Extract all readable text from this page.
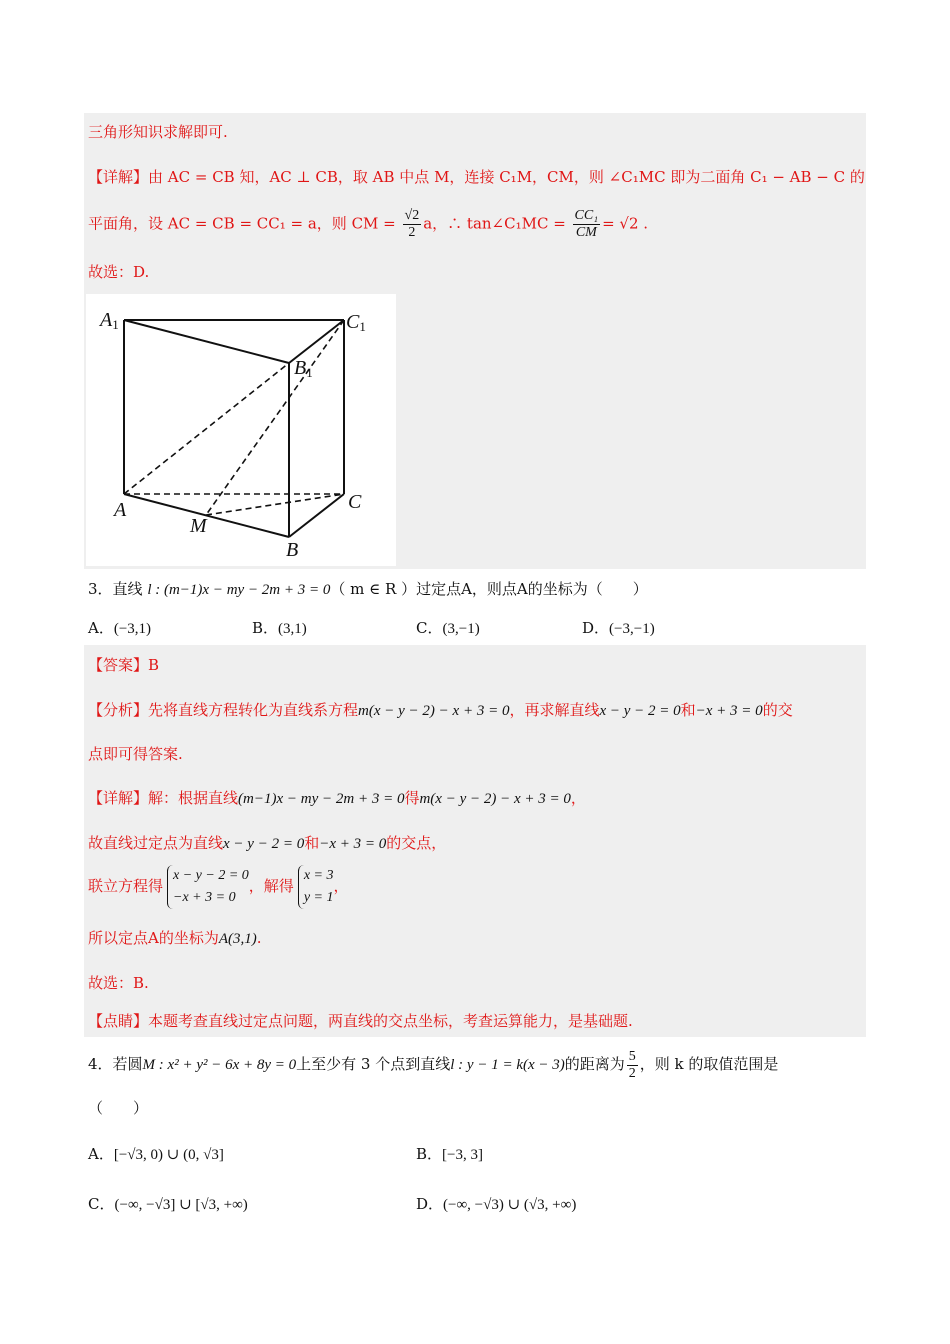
三角形知识求解即可.
【详解】由 AC = CB 知，AC ⊥ CB，取 AB 中点 M，连接 C₁M，CM，则 ∠C₁MC 即为二面角 C₁ − AB − C 的
平面角，设 AC = CB = CC₁ = a，则 CM = $\frac{√2}{2}$ a，∴ tan∠C₁MC = $\frac{\text{CC₁}}{CM} = √2$ .
故选：D.
A1	C1
B1
A
M
B
C
3．直线 l : (m−1)x − my − 2m + 3 = 0（ m ∈ R ）过定点A，则点A的坐标为（　　）
A．(−3,1)	B．(3,1)	C．(3,−1)	D．(−3,−1)
【答案】B
【分析】先将直线方程转化为直线系方程m(x − y − 2) − x + 3 = 0，再求解直线x − y − 2 = 0和−x + 3 = 0的交
点即可得答案.
【详解】解：根据直线(m−1)x − my − 2m + 3 = 0得m(x − y − 2) − x + 3 = 0，
故直线过定点为直线x − y − 2 = 0和−x + 3 = 0的交点，
联立方程得
x − y − 2 = 0
−x + 3 = 0
，解得
x = 3
y = 1
，
所以定点A的坐标为A(3,1).
故选：B.
【点睛】本题考查直线过定点问题，两直线的交点坐标，考查运算能力，是基础题.
4．若圆M : x² + y² − 6x + 8y = 0上至少有 3 个点到直线l : y − 1 = k(x − 3)的距离为 $\frac{5}{2}$ ，则 k 的取值范围是
（　　）
A．[−√3, 0) ∪ (0, √3]	B．[−3, 3]
C．(−∞, −√3] ∪ [√3, +∞)	D．(−∞, −√3) ∪ (√3, +∞)
